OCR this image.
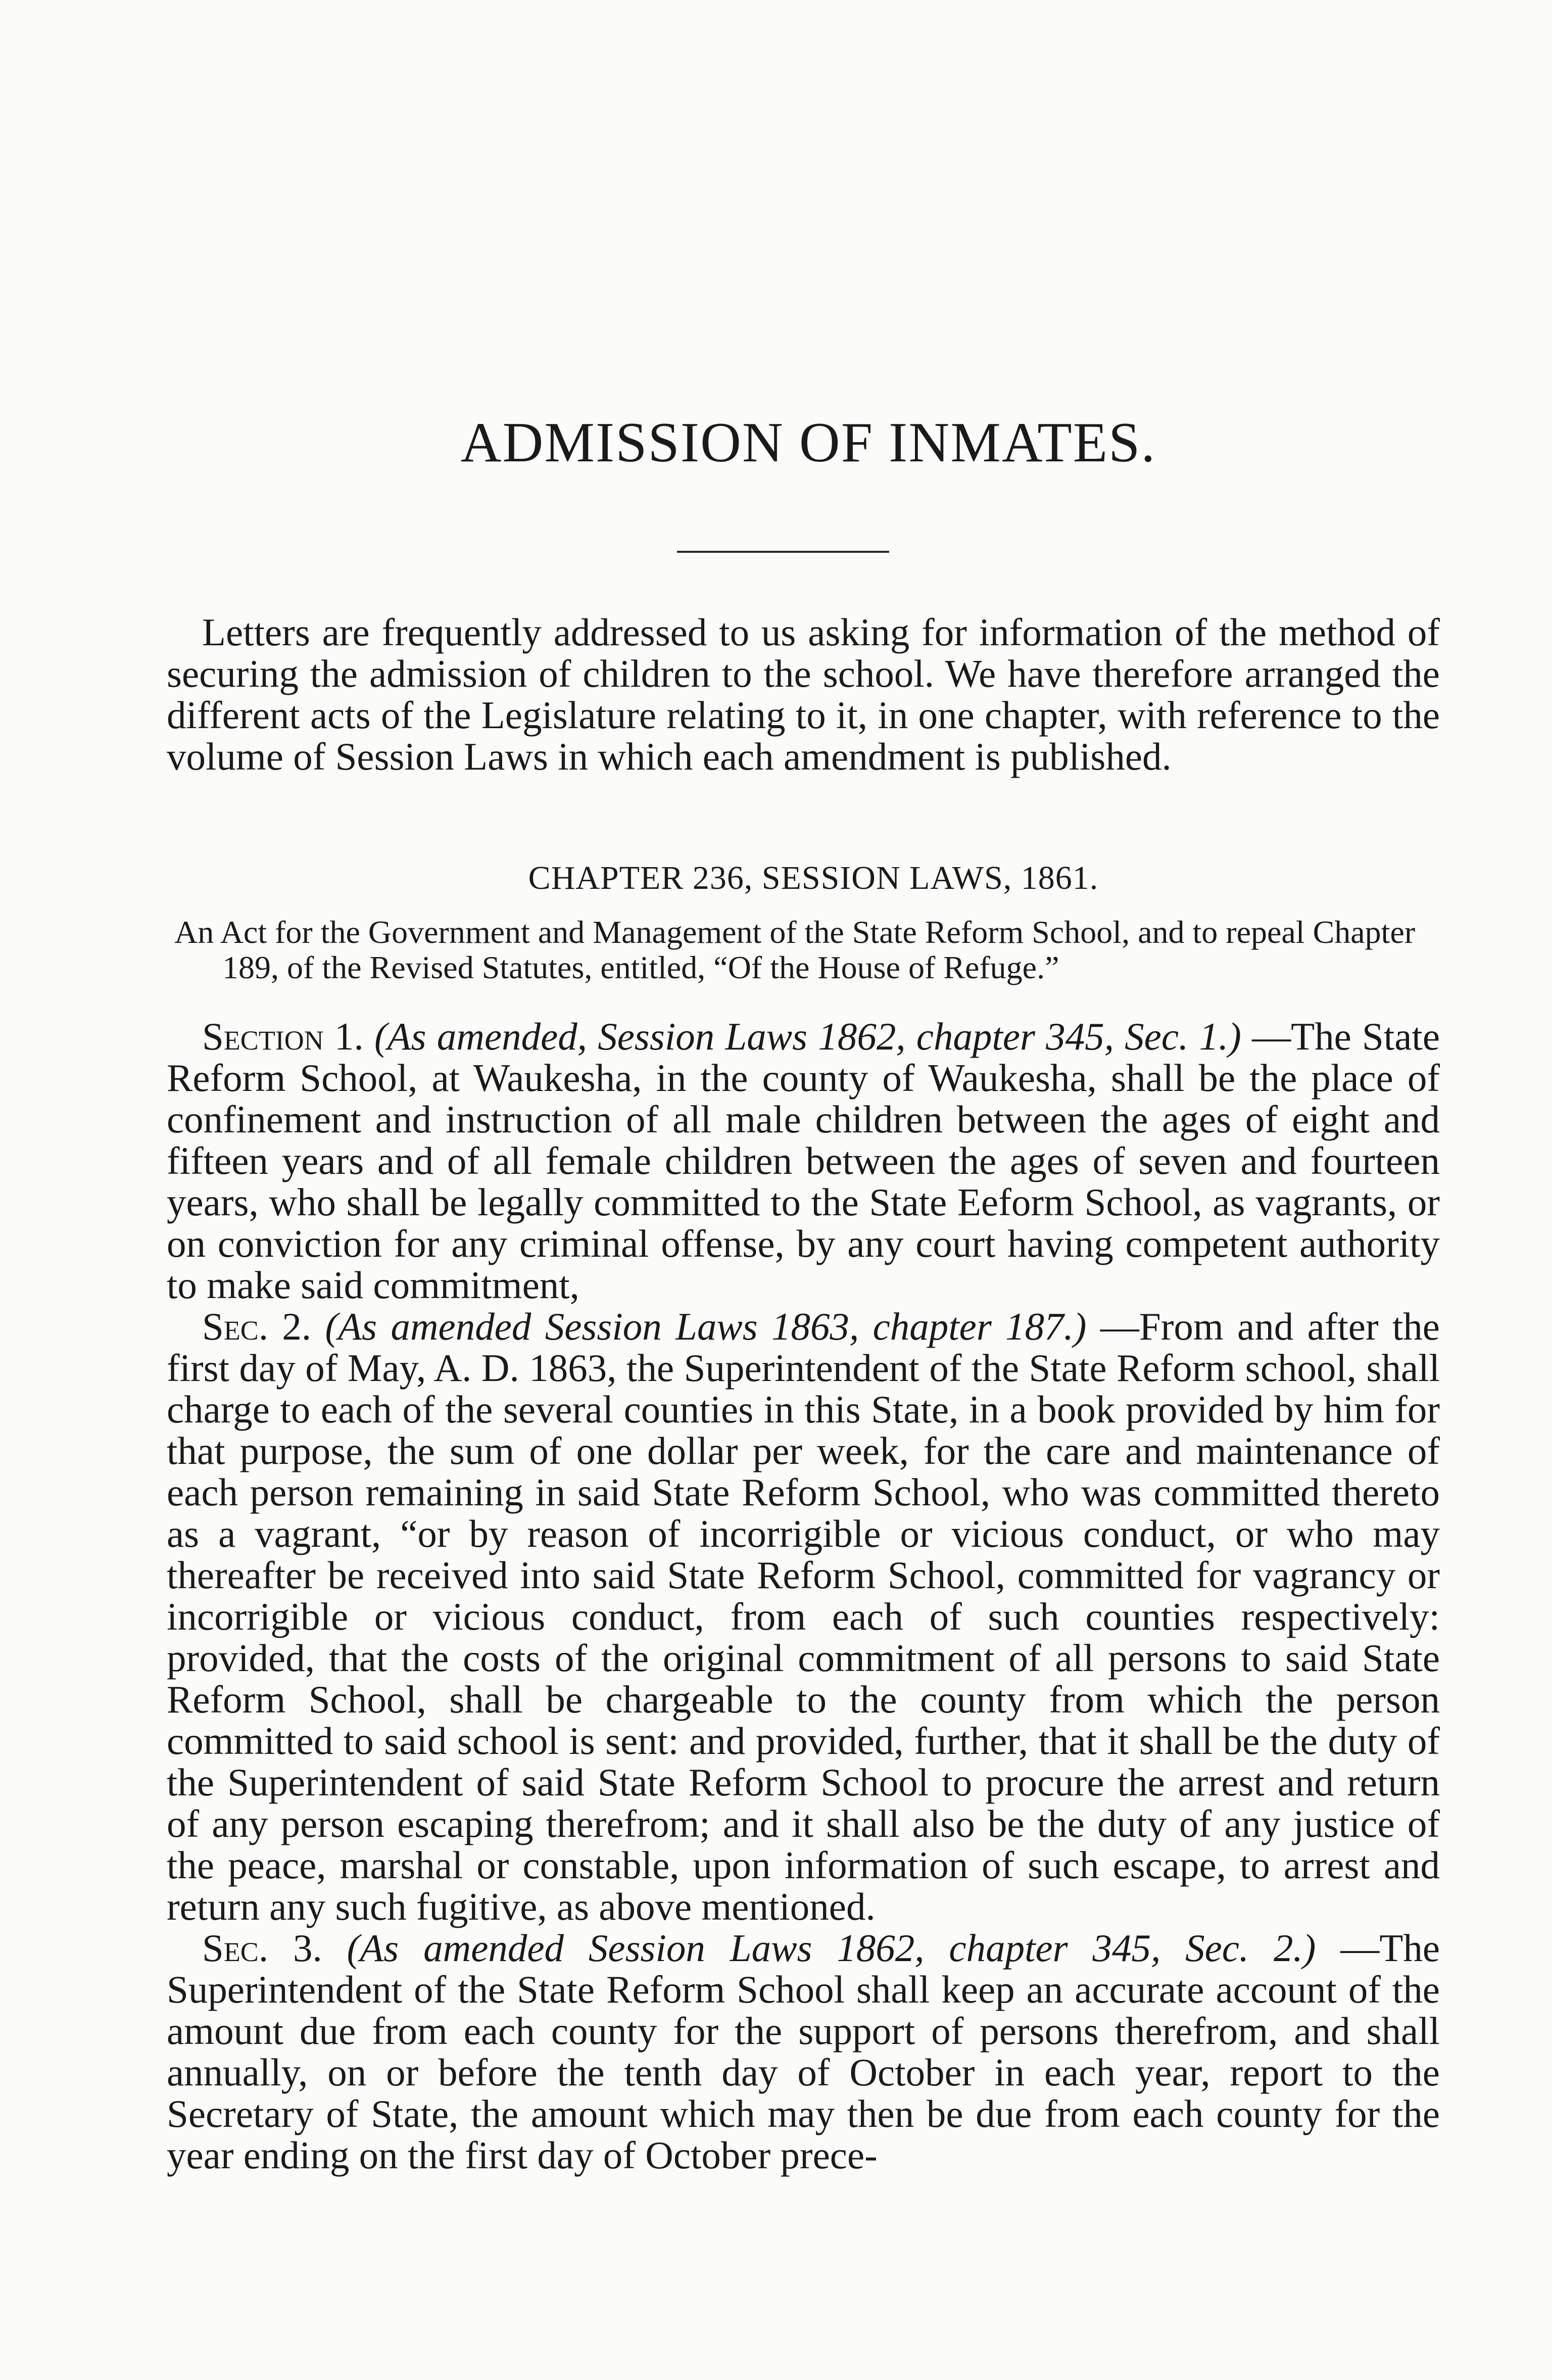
ADMISSION OF INMATES.

Letters are frequently addressed to us asking for information of the method of securing the admission of children to the school. We have therefore arranged the different acts of the Legislature relating to it, in one chapter, with reference to the volume of Session Laws in which each amendment is published.

CHAPTER 236, SESSION LAWS, 1861.
An Act for the Government and Management of the State Reform School, and to repeal Chapter 189, of the Revised Statutes, entitled, “Of the House of Refuge.”

Section 1. (As amended, Session Laws 1862, chapter 345, Sec. 1.) —The State Reform School, at Waukesha, in the county of Waukesha, shall be the place of confinement and instruction of all male children between the ages of eight and fifteen years and of all female children between the ages of seven and fourteen years, who shall be legally committed to the State Eeform School, as vagrants, or on conviction for any criminal offense, by any court having competent authority to make said commitment,

Sec. 2. (As amended Session Laws 1863, chapter 187.) —From and after the first day of May, A. D. 1863, the Superintendent of the State Reform school, shall charge to each of the several counties in this State, in a book provided by him for that purpose, the sum of one dollar per week, for the care and maintenance of each person remaining in said State Reform School, who was committed thereto as a vagrant, “or by reason of incorrigible or vicious conduct, or who may thereafter be received into said State Reform School, committed for vagrancy or incorrigible or vicious conduct, from each of such counties respectively: provided, that the costs of the original commitment of all persons to said State Reform School, shall be chargeable to the county from which the person committed to said school is sent: and provided, further, that it shall be the duty of the Superintendent of said State Reform School to procure the arrest and return of any person escaping therefrom; and it shall also be the duty of any justice of the peace, marshal or constable, upon information of such escape, to arrest and return any such fugitive, as above mentioned.

Sec. 3. (As amended Session Laws 1862, chapter 345, Sec. 2.) —The Superintendent of the State Reform School shall keep an accurate account of the amount due from each county for the support of persons therefrom, and shall annually, on or before the tenth day of October in each year, report to the Secretary of State, the amount which may then be due from each county for the year ending on the first day of October prece-
